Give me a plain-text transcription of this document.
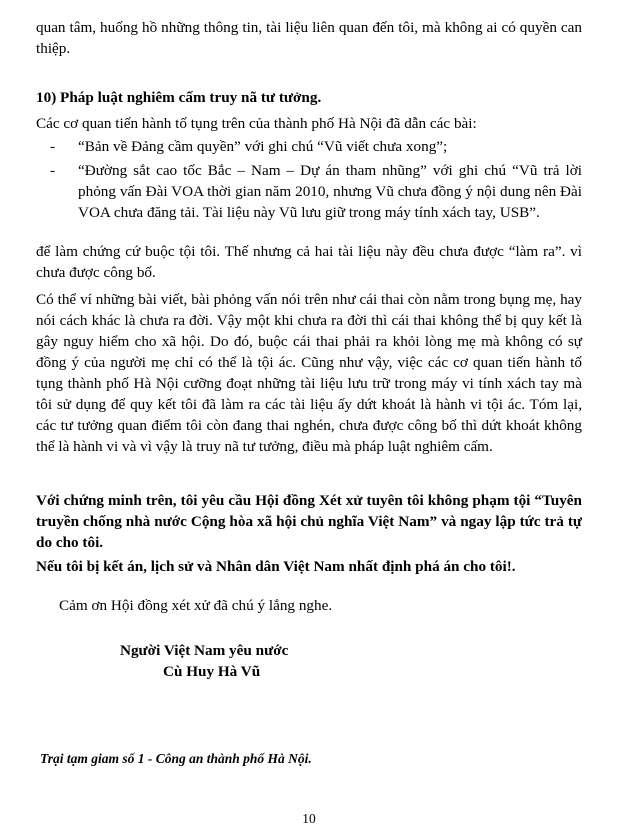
quan tâm, huống hồ những thông tin, tài liệu liên quan đến tôi, mà không ai có quyền can thiệp.

10) Pháp luật nghiêm cấm truy nã tư tưởng.

Các cơ quan tiến hành tố tụng trên của thành phố Hà Nội đã dẫn các bài:

- “Bản về Đảng cầm quyền” với ghi chú “Vũ viết chưa xong”;
- “Đường sắt cao tốc Bắc – Nam – Dự án tham nhũng” với ghi chú “Vũ trả lời phỏng vấn Đài VOA thời gian năm 2010, nhưng Vũ chưa đồng ý nội dung nên Đài VOA chưa đăng tải. Tài liệu này Vũ lưu giữ trong máy tính xách tay, USB”.

để làm chứng cứ buộc tội tôi. Thế nhưng cả hai tài liệu này đều chưa được “làm ra”. vì chưa được công bố.

Có thể ví những bài viết, bài phỏng vấn nói trên như cái thai còn nằm trong bụng mẹ, hay nói cách khác là chưa ra đời. Vậy một khi chưa ra đời thì cái thai không thể bị quy kết là gây nguy hiểm cho xã hội. Do đó, buộc cái thai phải ra khỏi lòng mẹ mà không có sự đồng ý của người mẹ chỉ có thể là tội ác. Cũng như vậy, việc các cơ quan tiến hành tố tụng thành phố Hà Nội cưỡng đoạt những tài liệu lưu trữ trong máy vi tính xách tay mà tôi sử dụng để quy kết tôi đã làm ra các tài liệu ấy dứt khoát là hành vi tội ác. Tóm lại, các tư tưởng quan điểm tôi còn đang thai nghén, chưa được công bố thì dứt khoát không thể là hành vi và vì vậy là truy nã tư tưởng, điều mà pháp luật nghiêm cấm.

Với chứng minh trên, tôi yêu cầu Hội đồng Xét xử tuyên tôi không phạm tội “Tuyên truyền chống nhà nước Cộng hòa xã hội chủ nghĩa Việt Nam” và ngay lập tức trả tự do cho tôi.

Nếu tôi bị kết án, lịch sử và Nhân dân Việt Nam nhất định phá án cho tôi!.

Cảm ơn Hội đồng xét xử đã chú ý lắng nghe.

Người Việt Nam yêu nước

Cù Huy Hà Vũ

Trại tạm giam số 1 - Công an thành phố Hà Nội.

10
